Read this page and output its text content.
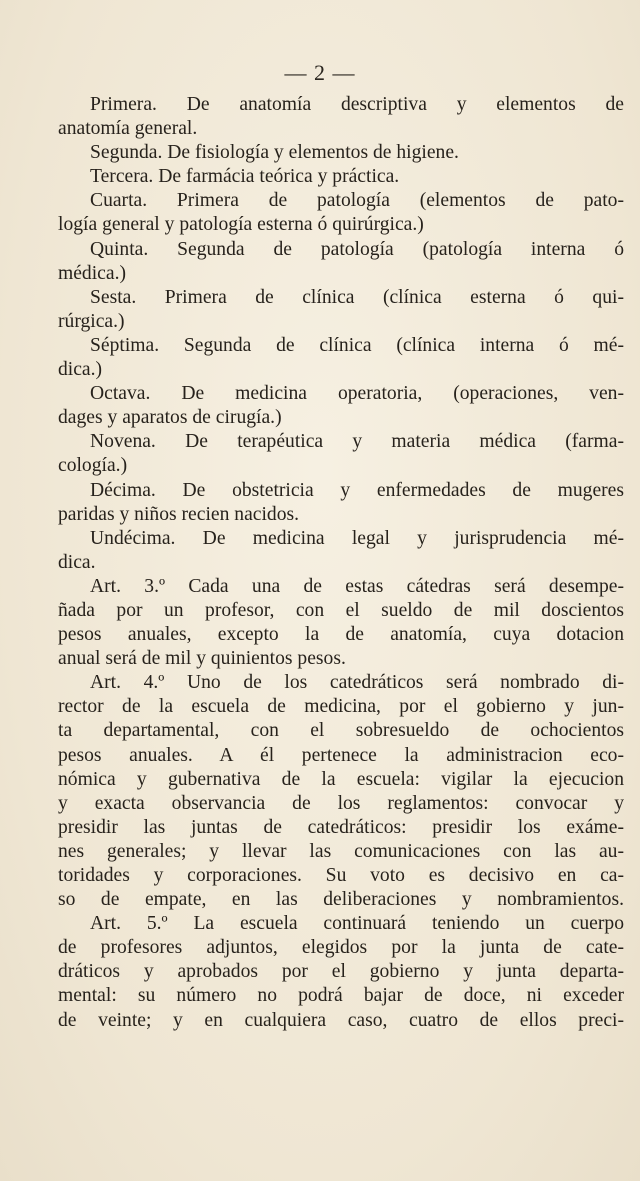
— 2 —
Primera. De anatomía descriptiva y elementos de
anatomía general.
Segunda. De fisiología y elementos de higiene.
Tercera. De farmácia teórica y práctica.
Cuarta. Primera de patología (elementos de pato-
logía general y patología esterna ó quirúrgica.)
Quinta. Segunda de patología (patología interna ó
médica.)
Sesta. Primera de clínica (clínica esterna ó qui-
rúrgica.)
Séptima. Segunda de clínica (clínica interna ó mé-
dica.)
Octava. De medicina operatoria, (operaciones, ven-
dages y aparatos de cirugía.)
Novena. De terapéutica y materia médica (farma-
cología.)
Décima. De obstetricia y enfermedades de mugeres
paridas y niños recien nacidos.
Undécima. De medicina legal y jurisprudencia mé-
dica.
Art. 3.º Cada una de estas cátedras será desempe-
ñada por un profesor, con el sueldo de mil doscientos
pesos anuales, excepto la de anatomía, cuya dotacion
anual será de mil y quinientos pesos.
Art. 4.º Uno de los catedráticos será nombrado di-
rector de la escuela de medicina, por el gobierno y jun-
ta departamental, con el sobresueldo de ochocientos
pesos anuales. A él pertenece la administracion eco-
nómica y gubernativa de la escuela: vigilar la ejecucion
y exacta observancia de los reglamentos: convocar y
presidir las juntas de catedráticos: presidir los exáme-
nes generales; y llevar las comunicaciones con las au-
toridades y corporaciones. Su voto es decisivo en ca-
so de empate, en las deliberaciones y nombramientos.
Art. 5.º La escuela continuará teniendo un cuerpo
de profesores adjuntos, elegidos por la junta de cate-
dráticos y aprobados por el gobierno y junta departa-
mental: su número no podrá bajar de doce, ni exceder
de veinte; y en cualquiera caso, cuatro de ellos preci-
